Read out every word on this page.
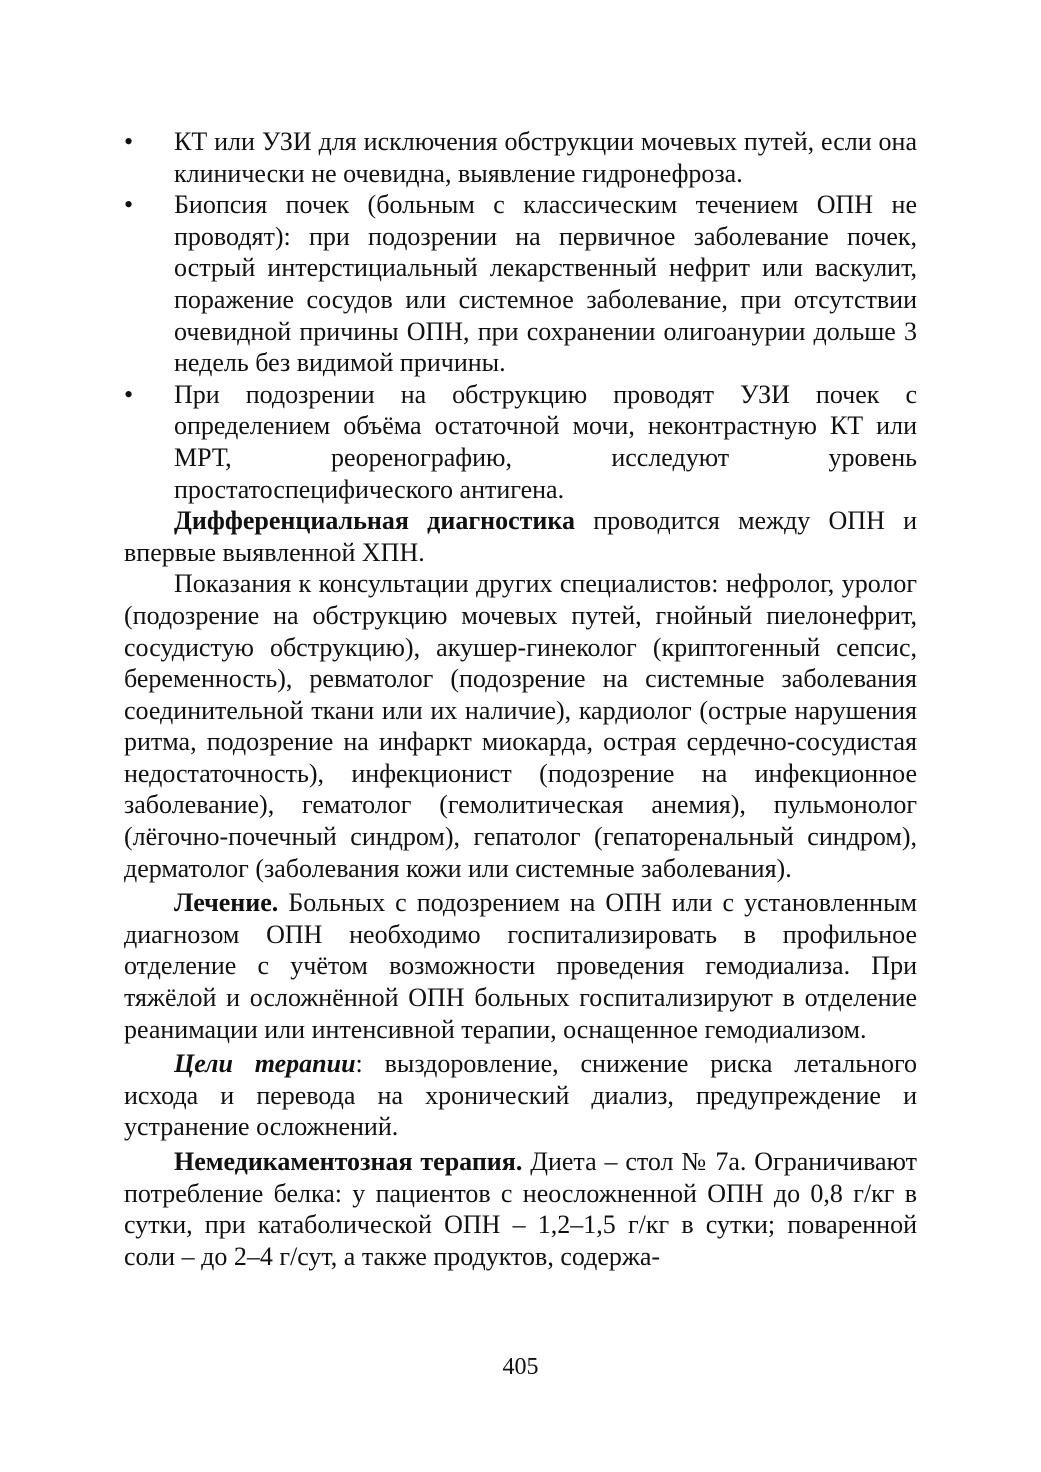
•	КТ или УЗИ для исключения обструкции мочевых путей, если она клинически не очевидна, выявление гидронефроза.
•	Биопсия почек (больным с классическим течением ОПН не проводят): при подозрении на первичное заболевание почек, острый интерстициальный лекарственный нефрит или васкулит, поражение сосудов или системное заболевание, при отсутствии очевидной причины ОПН, при сохранении олигоанурии дольше 3 недель без видимой причины.
•	При подозрении на обструкцию проводят УЗИ почек с определением объёма остаточной мочи, неконтрастную КТ или МРТ, реоренографию, исследуют уровень простатоспецифического антигена.

Дифференциальная диагностика проводится между ОПН и впервые выявленной ХПН.

Показания к консультации других специалистов: нефролог, уролог (подозрение на обструкцию мочевых путей, гнойный пиелонефрит, сосудистую обструкцию), акушер-гинеколог (криптогенный сепсис, беременность), ревматолог (подозрение на системные заболевания соединительной ткани или их наличие), кардиолог (острые нарушения ритма, подозрение на инфаркт миокарда, острая сердечно-сосудистая недостаточность), инфекционист (подозрение на инфекционное заболевание), гематолог (гемолитическая анемия), пульмонолог (лёгочно-почечный синдром), гепатолог (гепаторенальный синдром), дерматолог (заболевания кожи или системные заболевания).

Лечение. Больных с подозрением на ОПН или с установленным диагнозом ОПН необходимо госпитализировать в профильное отделение с учётом возможности проведения гемодиализа. При тяжёлой и осложнённой ОПН больных госпитализируют в отделение реанимации или интенсивной терапии, оснащенное гемодиализом.

Цели терапии: выздоровление, снижение риска летального исхода и перевода на хронический диализ, предупреждение и устранение осложнений.

Немедикаментозная терапия. Диета – стол № 7а. Ограничивают потребление белка: у пациентов с неосложненной ОПН до 0,8 г/кг в сутки, при катаболической ОПН – 1,2–1,5 г/кг в сутки; поваренной соли – до 2–4 г/сут, а также продуктов, содержа-

405
